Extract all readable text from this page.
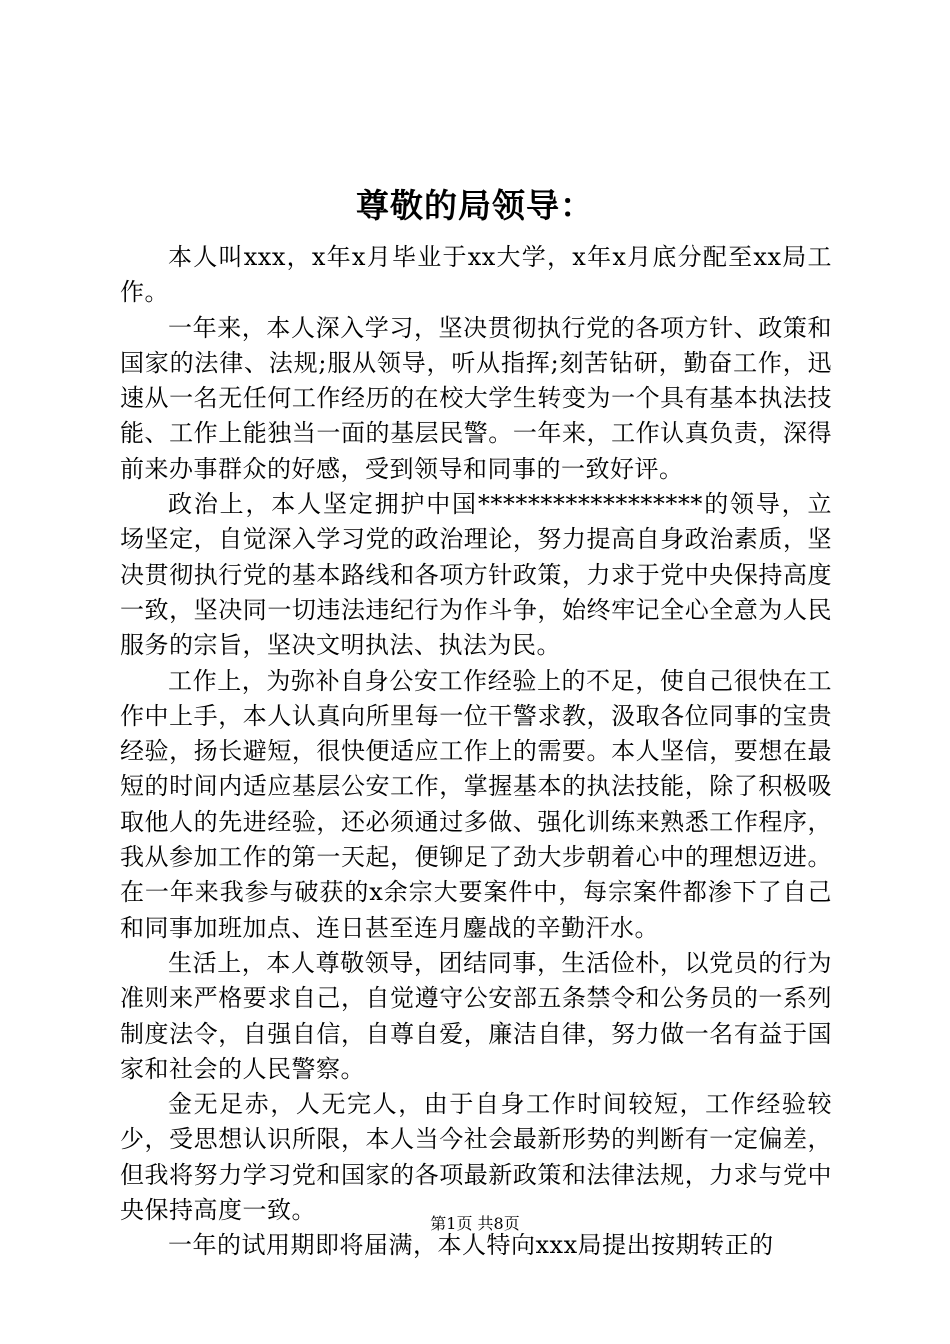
尊敬的局领导：

本人叫xxx，x年x月毕业于xx大学，x年x月底分配至xx局工作。

一年来，本人深入学习，坚决贯彻执行党的各项方针、政策和国家的法律、法规;服从领导，听从指挥;刻苦钻研，勤奋工作，迅速从一名无任何工作经历的在校大学生转变为一个具有基本执法技能、工作上能独当一面的基层民警。一年来，工作认真负责，深得前来办事群众的好感，受到领导和同事的一致好评。

政治上，本人坚定拥护中国******************的领导，立场坚定，自觉深入学习党的政治理论，努力提高自身政治素质，坚决贯彻执行党的基本路线和各项方针政策，力求于党中央保持高度一致，坚决同一切违法违纪行为作斗争，始终牢记全心全意为人民服务的宗旨，坚决文明执法、执法为民。

工作上，为弥补自身公安工作经验上的不足，使自己很快在工作中上手，本人认真向所里每一位干警求教，汲取各位同事的宝贵经验，扬长避短，很快便适应工作上的需要。本人坚信，要想在最短的时间内适应基层公安工作，掌握基本的执法技能，除了积极吸取他人的先进经验，还必须通过多做、强化训练来熟悉工作程序，我从参加工作的第一天起，便铆足了劲大步朝着心中的理想迈进。在一年来我参与破获的x余宗大要案件中，每宗案件都渗下了自己和同事加班加点、连日甚至连月鏖战的辛勤汗水。

生活上，本人尊敬领导，团结同事，生活俭朴，以党员的行为准则来严格要求自己，自觉遵守公安部五条禁令和公务员的一系列制度法令，自强自信，自尊自爱，廉洁自律，努力做一名有益于国家和社会的人民警察。

金无足赤，人无完人，由于自身工作时间较短，工作经验较少，受思想认识所限，本人当今社会最新形势的判断有一定偏差，但我将努力学习党和国家的各项最新政策和法律法规，力求与党中央保持高度一致。

一年的试用期即将届满，本人特向xxx局提出按期转正的

第1页 共8页
